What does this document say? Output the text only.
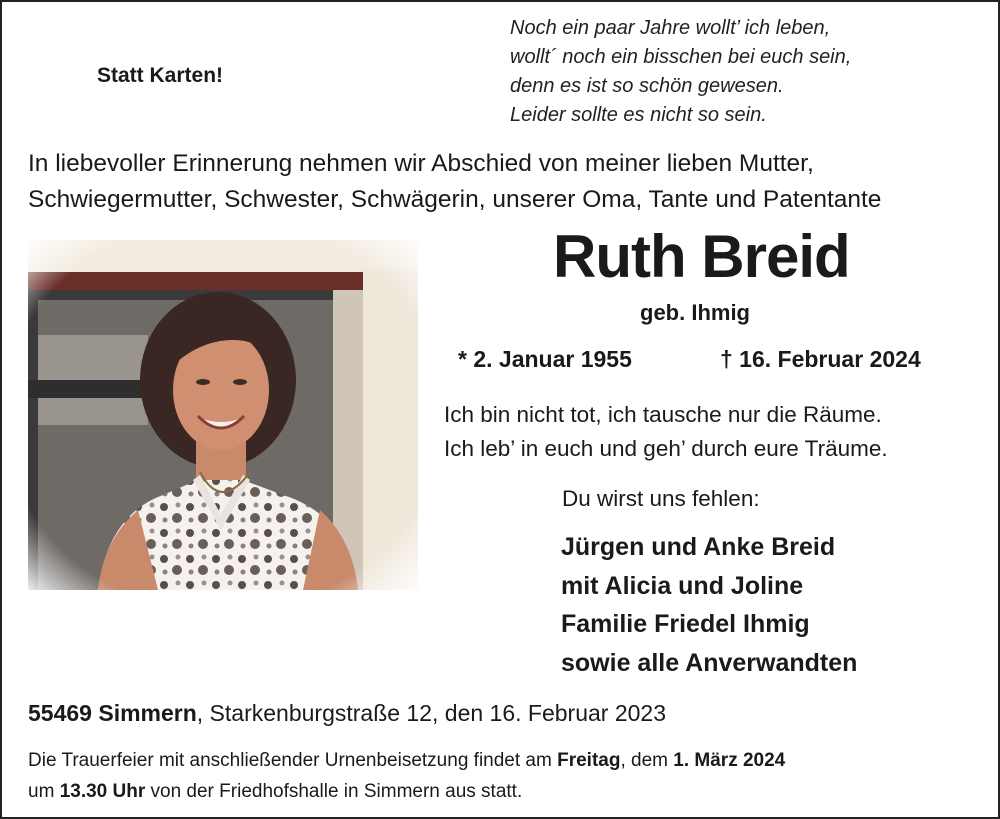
Statt Karten!
Noch ein paar Jahre wollt’ ich leben,
wollt´ noch ein bisschen bei euch sein,
denn es ist so schön gewesen.
Leider sollte es nicht so sein.
In liebevoller Erinnerung nehmen wir Abschied von meiner lieben Mutter,
Schwiegermutter, Schwester, Schwägerin, unserer Oma, Tante und Patentante
Ruth Breid
geb. Ihmig
* 2. Januar 1955	† 16. Februar 2024
Ich bin nicht tot, ich tausche nur die Räume.
Ich leb’ in euch und geh’ durch eure Träume.
Du wirst uns fehlen:
Jürgen und Anke Breid
mit Alicia und Joline
Familie Friedel Ihmig
sowie alle Anverwandten
55469 Simmern, Starkenburgstraße 12, den 16. Februar 2023
Die Trauerfeier mit anschließender Urnenbeisetzung findet am Freitag, dem 1. März 2024
um 13.30 Uhr von der Friedhofshalle in Simmern aus statt.
